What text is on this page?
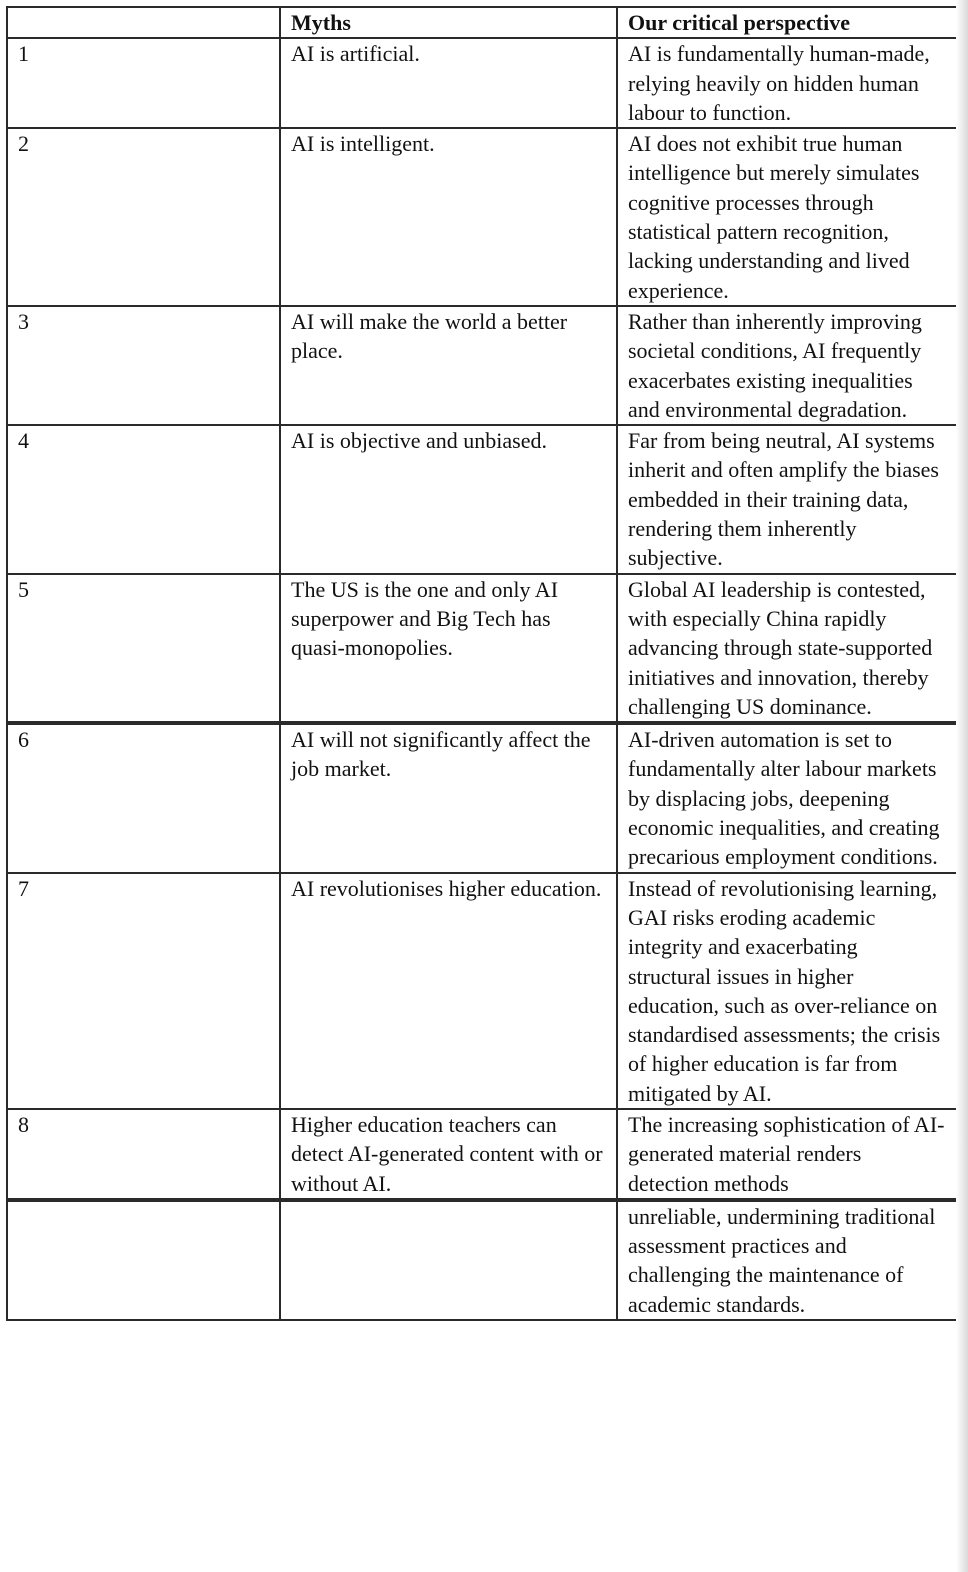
	Myths	Our critical perspective
1	AI is artificial.	AI is fundamentally human-made, relying heavily on hidden human labour to function.
2	AI is intelligent.	AI does not exhibit true human intelligence but merely simulates cognitive processes through statistical pattern recognition, lacking understanding and lived experience.
3	AI will make the world a better place.	Rather than inherently improving societal conditions, AI frequently exacerbates existing inequalities and environmental degradation.
4	AI is objective and unbiased.	Far from being neutral, AI systems inherit and often amplify the biases embedded in their training data, rendering them inherently subjective.
5	The US is the one and only AI superpower and Big Tech has quasi-monopolies.	Global AI leadership is contested, with especially China rapidly advancing through state-supported initiatives and innovation, thereby challenging US dominance.
6	AI will not significantly affect the job market.	AI-driven automation is set to fundamentally alter labour markets by displacing jobs, deepening economic inequalities, and creating precarious employment conditions.
7	AI revolutionises higher education.	Instead of revolutionising learning, GAI risks eroding academic integrity and exacerbating structural issues in higher education, such as over-reliance on standardised assessments; the crisis of higher education is far from mitigated by AI.
8	Higher education teachers can detect AI-generated content with or without AI.	The increasing sophistication of AI-generated material renders detection methods
		unreliable, undermining traditional assessment practices and challenging the maintenance of academic standards.
